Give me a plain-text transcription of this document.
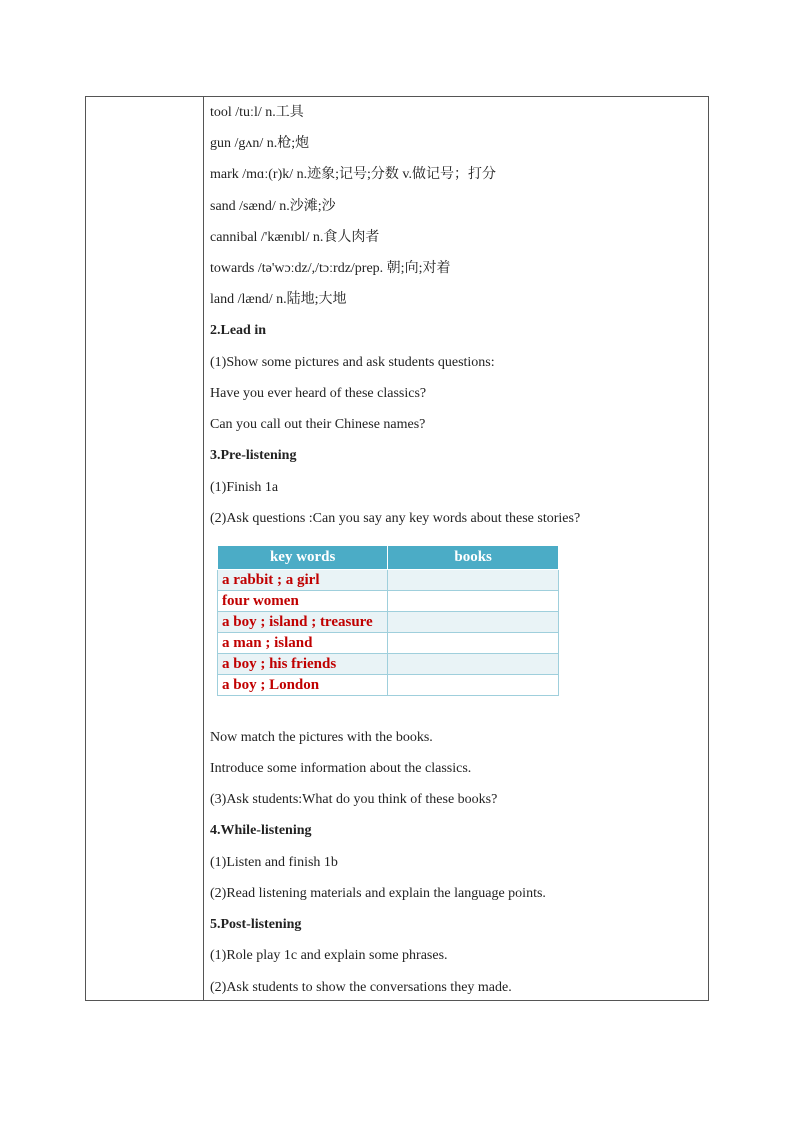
tool /tuːl/ n.工具
gun /gʌn/ n.枪;炮
mark /mɑː(r)k/ n.迹象;记号;分数 v.做记号；打分
sand /sænd/ n.沙滩;沙
cannibal /'kænɪbl/ n.食人肉者
towards /tə'wɔːdz/,/tɔːrdz/prep. 朝;向;对着
land /lænd/ n.陆地;大地
2.Lead in
(1)Show some pictures and ask students questions:
Have you ever heard of these classics?
Can you call out their Chinese names?
3.Pre-listening
(1)Finish 1a
(2)Ask questions :Can you say any key words about these stories?
key words	books
a rabbit ; a girl	
four women	
a boy ; island ; treasure	
a man ; island	
a boy ; his friends	
a boy ; London	
Now match the pictures with the books.
Introduce some information about the classics.
(3)Ask students:What do you think of these books?
4.While-listening
(1)Listen and finish 1b
(2)Read listening materials and explain the language points.
5.Post-listening
(1)Role play 1c and explain some phrases.
(2)Ask students to show the conversations they made.
